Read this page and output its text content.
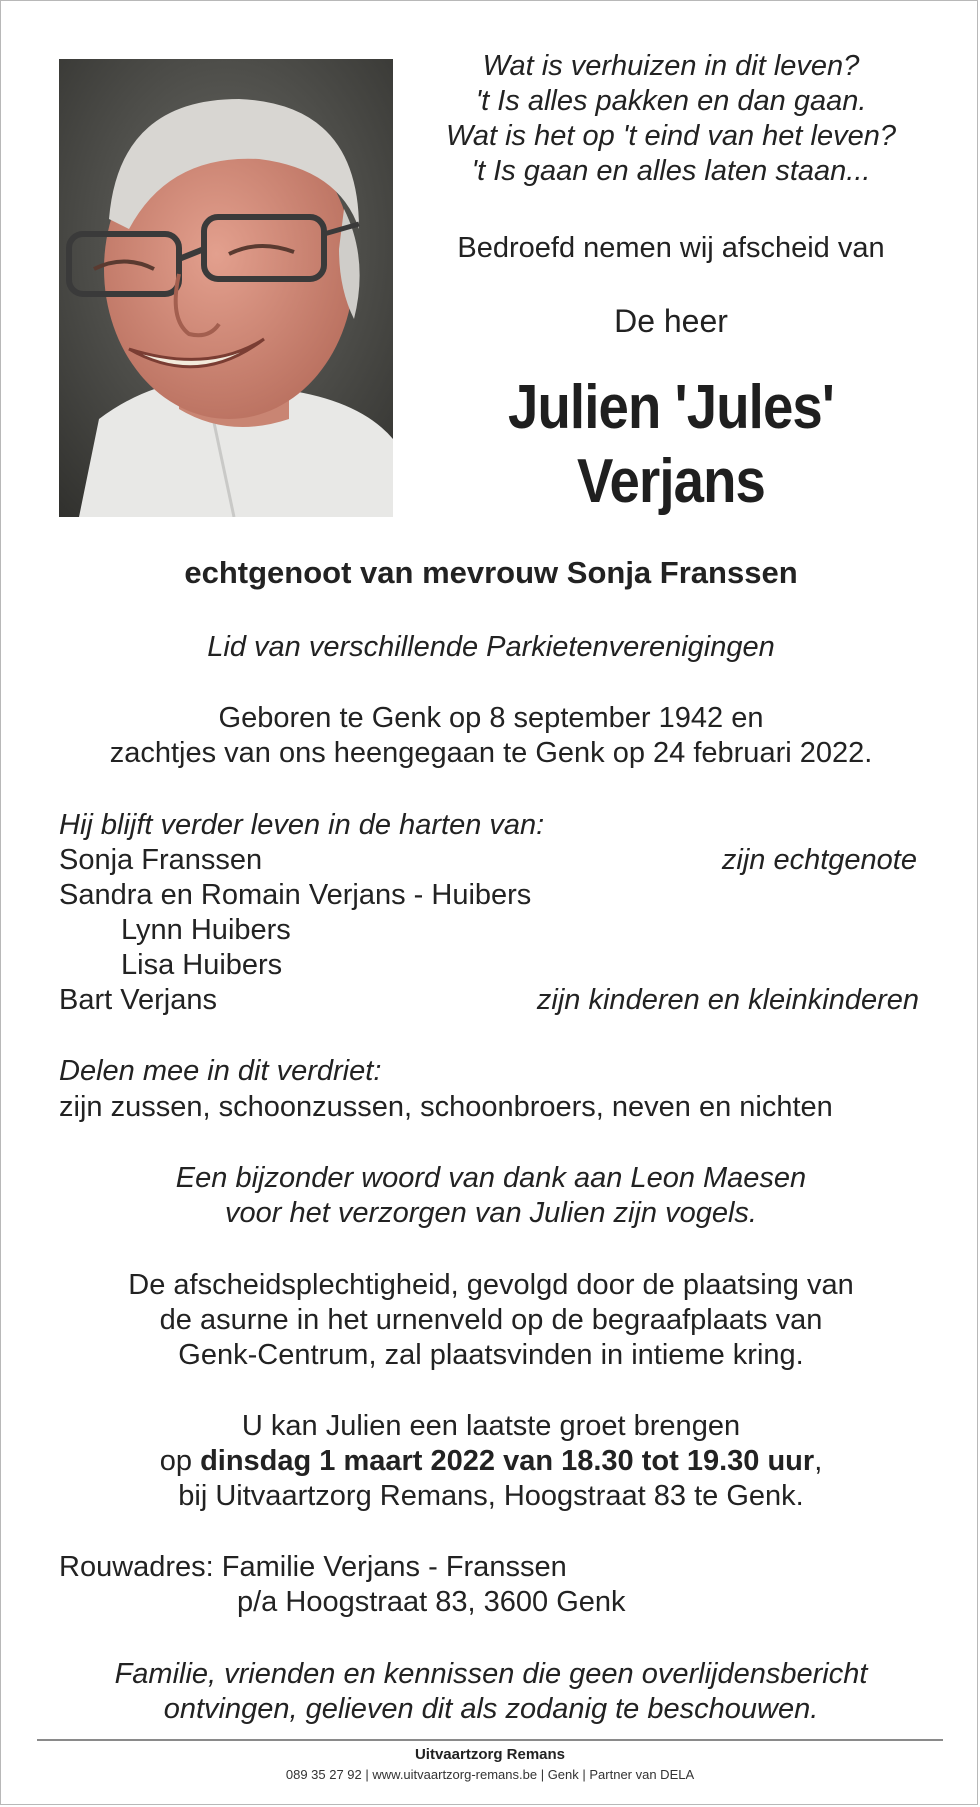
Wat is verhuizen in dit leven?
't Is alles pakken en dan gaan.
Wat is het op 't eind van het leven?
't Is gaan en alles laten staan...
Bedroefd nemen wij afscheid van
De heer
Julien 'Jules'
Verjans
echtgenoot van mevrouw Sonja Franssen
Lid van verschillende Parkietenverenigingen
Geboren te Genk op 8 september 1942 en
zachtjes van ons heengegaan te Genk op 24 februari 2022.
Hij blijft verder leven in de harten van:
Sonja Franssen	zijn echtgenote
Sandra en Romain Verjans - Huibers
Lynn Huibers
Lisa Huibers
Bart Verjans	zijn kinderen en kleinkinderen
Delen mee in dit verdriet:
zijn zussen, schoonzussen, schoonbroers, neven en nichten
Een bijzonder woord van dank aan Leon Maesen
voor het verzorgen van Julien zijn vogels.
De afscheidsplechtigheid, gevolgd door de plaatsing van
de asurne in het urnenveld op de begraafplaats van
Genk-Centrum, zal plaatsvinden in intieme kring.
U kan Julien een laatste groet brengen
op dinsdag 1 maart 2022 van 18.30 tot 19.30 uur,
bij Uitvaartzorg Remans, Hoogstraat 83 te Genk.
Rouwadres: Familie Verjans - Franssen
p/a Hoogstraat 83, 3600 Genk
Familie, vrienden en kennissen die geen overlijdensbericht
ontvingen, gelieven dit als zodanig te beschouwen.
Uitvaartzorg Remans
089 35 27 92 | www.uitvaartzorg-remans.be | Genk | Partner van DELA
